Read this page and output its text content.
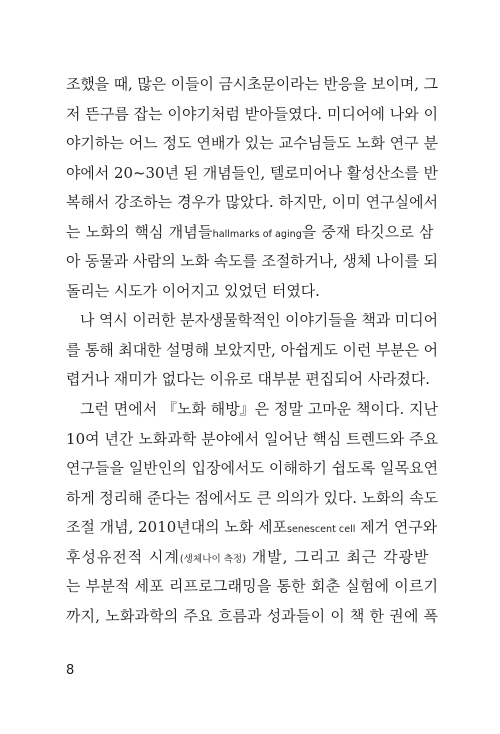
조했을 때, 많은 이들이 금시초문이라는 반응을 보이며, 그
저 뜬구름 잡는 이야기처럼 받아들였다. 미디어에 나와 이
야기하는 어느 정도 연배가 있는 교수님들도 노화 연구 분
야에서 20~30년 된 개념들인, 텔로미어나 활성산소를 반
복해서 강조하는 경우가 많았다. 하지만, 이미 연구실에서
는 노화의 핵심 개념들hallmarks of aging을 중재 타깃으로 삼
아 동물과 사람의 노화 속도를 조절하거나, 생체 나이를 되
돌리는 시도가 이어지고 있었던 터였다.
나 역시 이러한 분자생물학적인 이야기들을 책과 미디어
를 통해 최대한 설명해 보았지만, 아쉽게도 이런 부분은 어
렵거나 재미가 없다는 이유로 대부분 편집되어 사라졌다.
그런 면에서 『노화 해방』은 정말 고마운 책이다. 지난
10여 년간 노화과학 분야에서 일어난 핵심 트렌드와 주요
연구들을 일반인의 입장에서도 이해하기 쉽도록 일목요연
하게 정리해 준다는 점에서도 큰 의의가 있다. 노화의 속도
조절 개념, 2010년대의 노화 세포senescent cell 제거 연구와
후성유전적 시계(생체나이 측정) 개발, 그리고 최근 각광받
는 부분적 세포 리프로그래밍을 통한 회춘 실험에 이르기
까지, 노화과학의 주요 흐름과 성과들이 이 책 한 권에 폭
8
